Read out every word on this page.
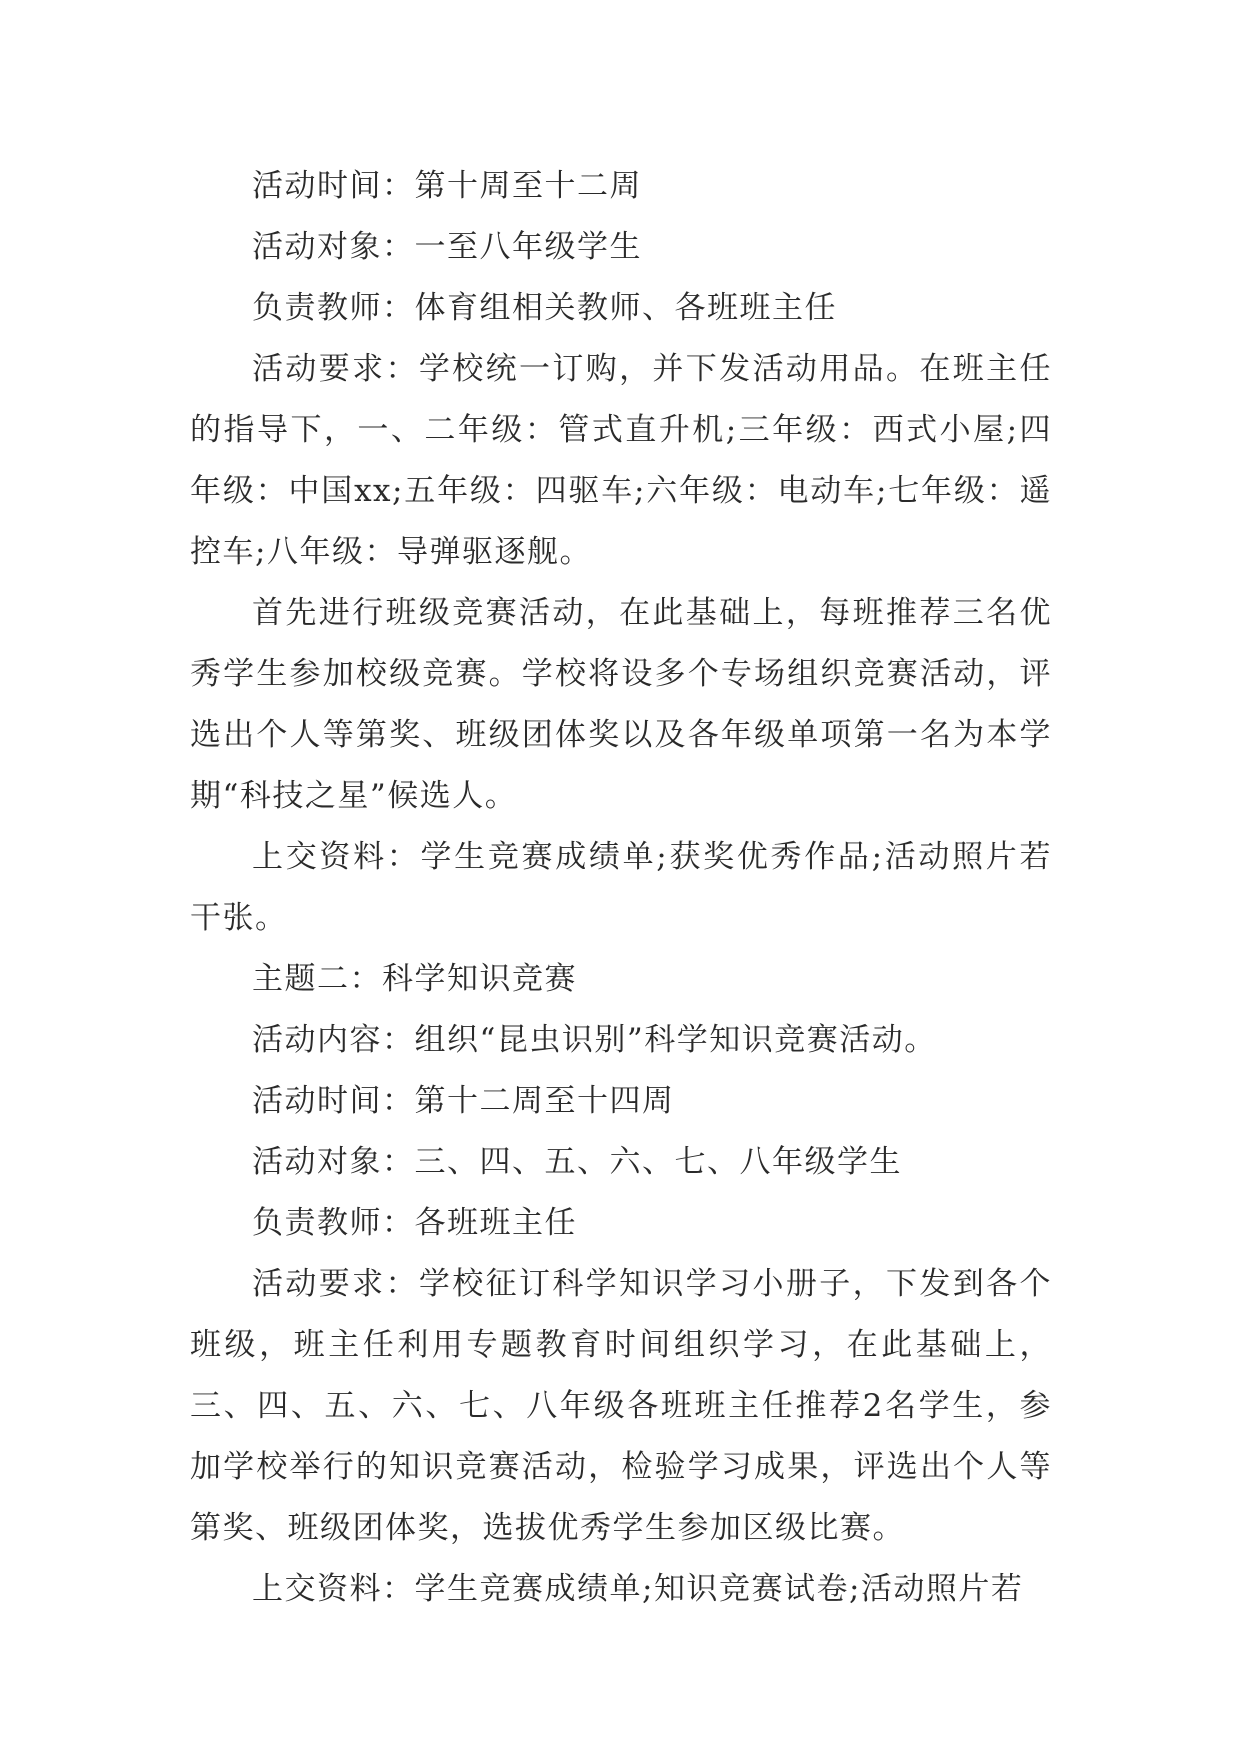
活动时间：第十周至十二周

活动对象：一至八年级学生

负责教师：体育组相关教师、各班班主任

活动要求：学校统一订购，并下发活动用品。在班主任的指导下，一、二年级：管式直升机;三年级：西式小屋;四年级：中国xx;五年级：四驱车;六年级：电动车;七年级：遥控车;八年级：导弹驱逐舰。

首先进行班级竞赛活动，在此基础上，每班推荐三名优秀学生参加校级竞赛。学校将设多个专场组织竞赛活动，评选出个人等第奖、班级团体奖以及各年级单项第一名为本学期“科技之星”候选人。

上交资料：学生竞赛成绩单;获奖优秀作品;活动照片若干张。

主题二：科学知识竞赛

活动内容：组织“昆虫识别”科学知识竞赛活动。

活动时间：第十二周至十四周

活动对象：三、四、五、六、七、八年级学生

负责教师：各班班主任

活动要求：学校征订科学知识学习小册子，下发到各个班级，班主任利用专题教育时间组织学习，在此基础上，三、四、五、六、七、八年级各班班主任推荐2名学生，参加学校举行的知识竞赛活动，检验学习成果，评选出个人等第奖、班级团体奖，选拔优秀学生参加区级比赛。

上交资料：学生竞赛成绩单;知识竞赛试卷;活动照片若
